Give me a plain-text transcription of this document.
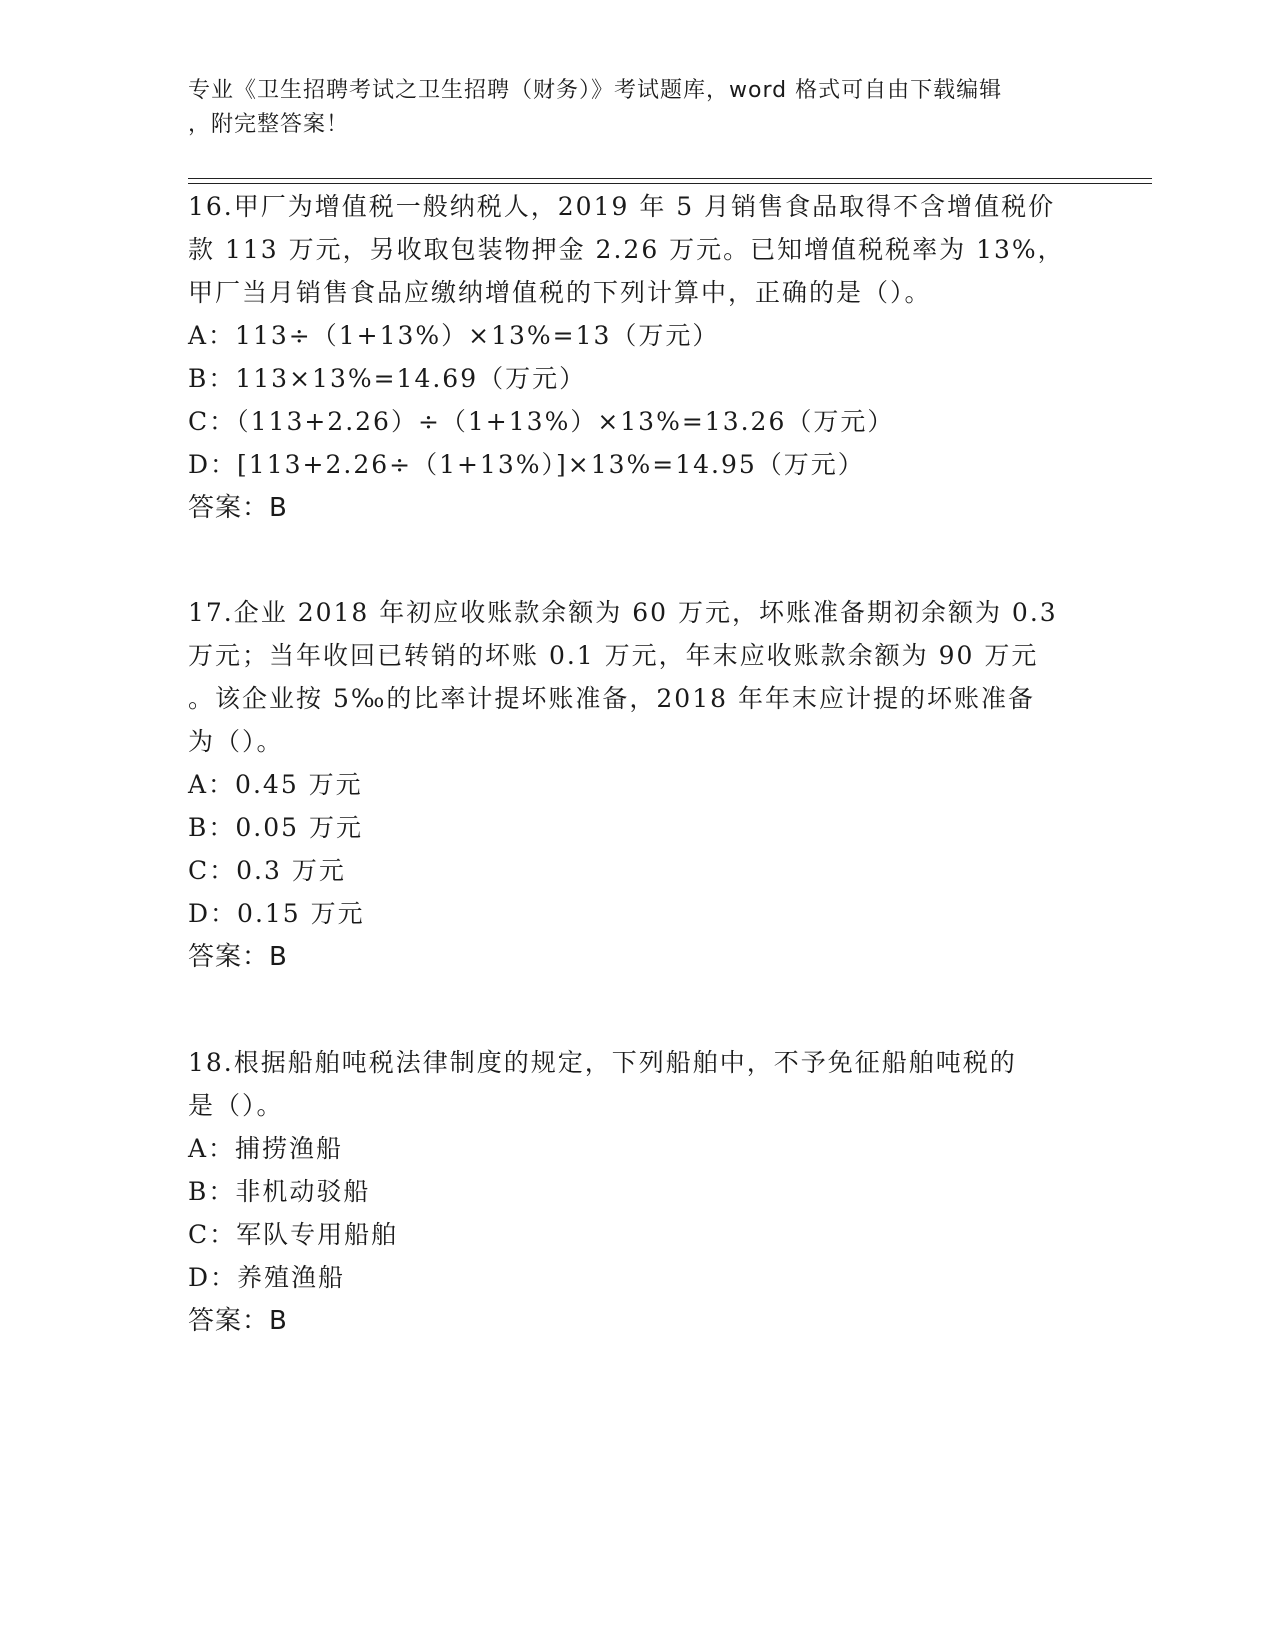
专业《卫生招聘考试之卫生招聘（财务）》考试题库，word 格式可自由下载编辑
，附完整答案！
16.甲厂为增值税一般纳税人，2019 年 5 月销售食品取得不含增值税价
款 113 万元，另收取包装物押金 2.26 万元。已知增值税税率为 13%，
甲厂当月销售食品应缴纳增值税的下列计算中，正确的是（）。
A：113÷（1+13%）×13%=13（万元）
B：113×13%=14.69（万元）
C：（113+2.26）÷（1+13%）×13%=13.26（万元）
D：[113+2.26÷（1+13%）]×13%=14.95（万元）
答案：B
17.企业 2018 年初应收账款余额为 60 万元，坏账准备期初余额为 0.3
万元；当年收回已转销的坏账 0.1 万元，年末应收账款余额为 90 万元
。该企业按 5‰的比率计提坏账准备，2018 年年末应计提的坏账准备
为（）。
A：0.45 万元
B：0.05 万元
C：0.3 万元
D：0.15 万元
答案：B
18.根据船舶吨税法律制度的规定，下列船舶中，不予免征船舶吨税的
是（）。
A：捕捞渔船
B：非机动驳船
C：军队专用船舶
D：养殖渔船
答案：B
